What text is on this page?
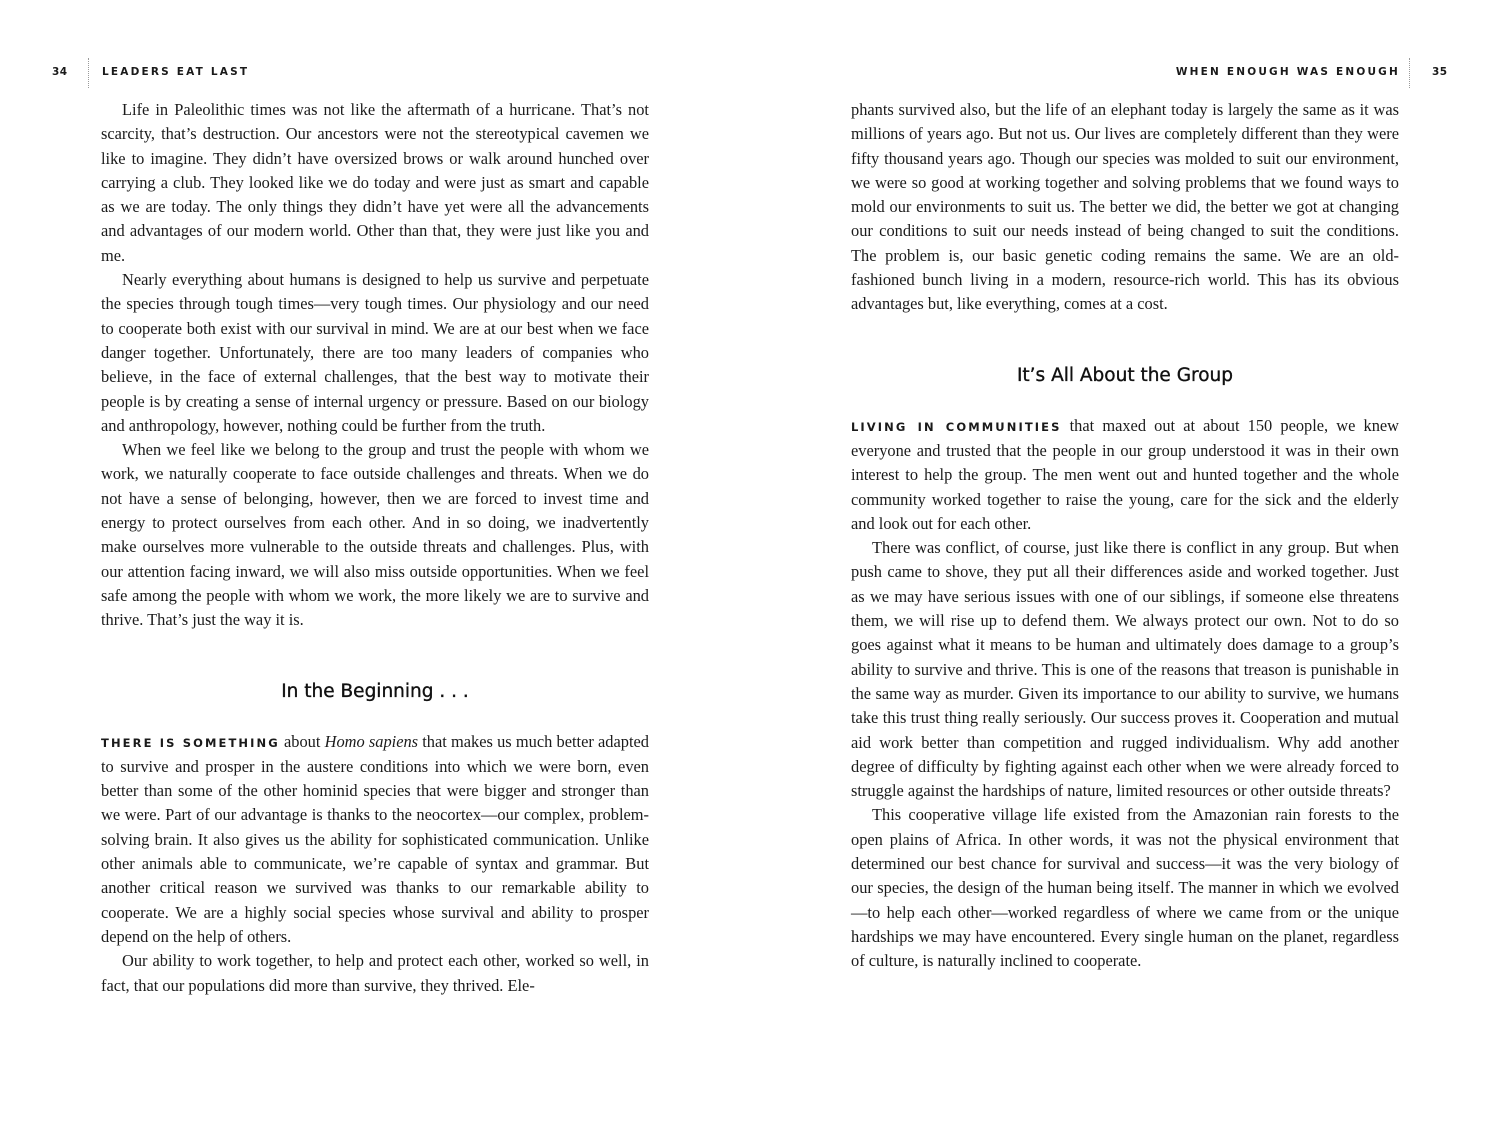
34	LEADERS EAT LAST

Life in Paleolithic times was not like the aftermath of a hurricane. That’s not scarcity, that’s destruction. Our ancestors were not the stereotypical cavemen we like to imagine. They didn’t have oversized brows or walk around hunched over carrying a club. They looked like we do today and were just as smart and capable as we are today. The only things they didn’t have yet were all the advancements and advantages of our modern world. Other than that, they were just like you and me.

Nearly everything about humans is designed to help us survive and perpetuate the species through tough times—very tough times. Our physiology and our need to cooperate both exist with our survival in mind. We are at our best when we face danger together. Unfortunately, there are too many leaders of companies who believe, in the face of external challenges, that the best way to motivate their people is by creating a sense of internal urgency or pressure. Based on our biology and anthropology, however, nothing could be further from the truth.

When we feel like we belong to the group and trust the people with whom we work, we naturally cooperate to face outside challenges and threats. When we do not have a sense of belonging, however, then we are forced to invest time and energy to protect ourselves from each other. And in so doing, we inadvertently make ourselves more vulnerable to the outside threats and challenges. Plus, with our attention facing inward, we will also miss outside opportunities. When we feel safe among the people with whom we work, the more likely we are to survive and thrive. That’s just the way it is.

In the Beginning . . .

THERE IS SOMETHING about Homo sapiens that makes us much better adapted to survive and prosper in the austere conditions into which we were born, even better than some of the other hominid species that were bigger and stronger than we were. Part of our advantage is thanks to the neocortex—our complex, problem-solving brain. It also gives us the ability for sophisticated communication. Unlike other animals able to communicate, we’re capable of syntax and grammar. But another critical reason we survived was thanks to our remarkable ability to cooperate. We are a highly social species whose survival and ability to prosper depend on the help of others.

Our ability to work together, to help and protect each other, worked so well, in fact, that our populations did more than survive, they thrived. Ele-

WHEN ENOUGH WAS ENOUGH	35

phants survived also, but the life of an elephant today is largely the same as it was millions of years ago. But not us. Our lives are completely different than they were fifty thousand years ago. Though our species was molded to suit our environment, we were so good at working together and solving problems that we found ways to mold our environments to suit us. The better we did, the better we got at changing our conditions to suit our needs instead of being changed to suit the conditions. The problem is, our basic genetic coding remains the same. We are an old-fashioned bunch living in a modern, resource-rich world. This has its obvious advantages but, like everything, comes at a cost.

It’s All About the Group

LIVING IN COMMUNITIES that maxed out at about 150 people, we knew everyone and trusted that the people in our group understood it was in their own interest to help the group. The men went out and hunted together and the whole community worked together to raise the young, care for the sick and the elderly and look out for each other.

There was conflict, of course, just like there is conflict in any group. But when push came to shove, they put all their differences aside and worked together. Just as we may have serious issues with one of our siblings, if someone else threatens them, we will rise up to defend them. We always protect our own. Not to do so goes against what it means to be human and ultimately does damage to a group’s ability to survive and thrive. This is one of the reasons that treason is punishable in the same way as murder. Given its importance to our ability to survive, we humans take this trust thing really seriously. Our success proves it. Cooperation and mutual aid work better than competition and rugged individualism. Why add another degree of difficulty by fighting against each other when we were already forced to struggle against the hardships of nature, limited resources or other outside threats?

This cooperative village life existed from the Amazonian rain forests to the open plains of Africa. In other words, it was not the physical environment that determined our best chance for survival and success—it was the very biology of our species, the design of the human being itself. The manner in which we evolved—to help each other—worked regardless of where we came from or the unique hardships we may have encountered. Every single human on the planet, regardless of culture, is naturally inclined to cooperate.
